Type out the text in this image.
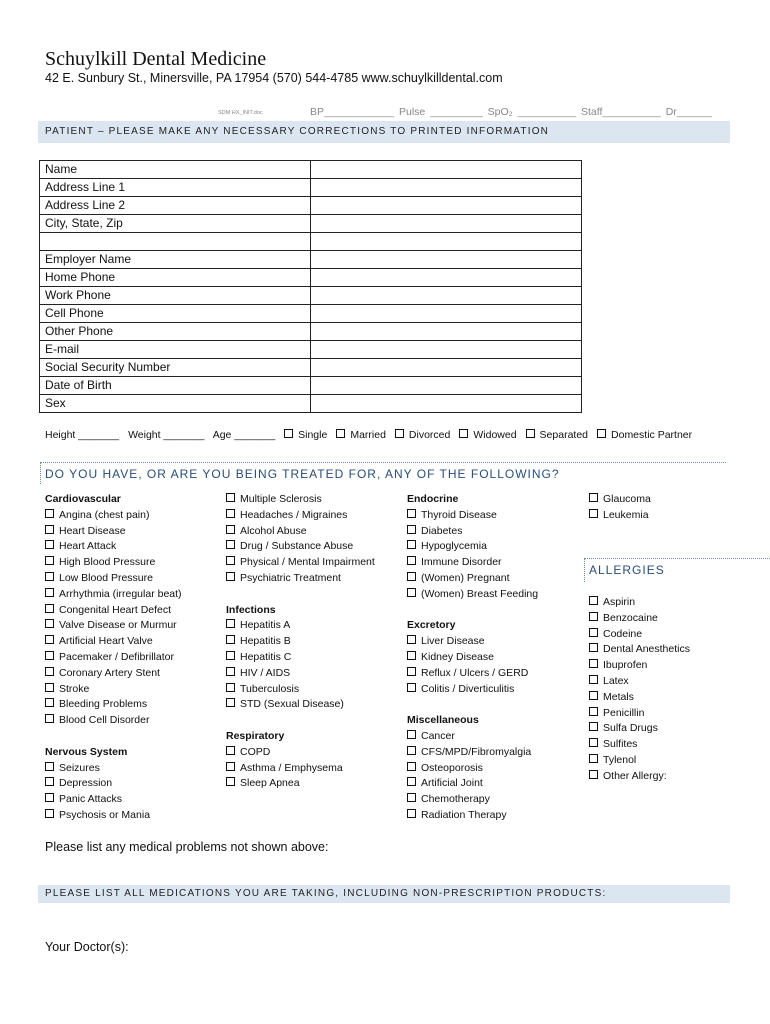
Schuylkill Dental Medicine
42 E. Sunbury St., Minersville, PA 17954 (570) 544-4785 www.schuylkilldental.com
SDM HX_INIT.doc	BP____________ Pulse _________ SpO₂ __________ Staff__________ Dr______
PATIENT – PLEASE MAKE ANY NECESSARY CORRECTIONS TO PRINTED INFORMATION
Name	
Address Line 1	
Address Line 2	
City, State, Zip	

Employer Name	
Home Phone	
Work Phone	
Cell Phone	
Other Phone	
E-mail	
Social Security Number	
Date of Birth	
Sex	
Height _______ Weight _______ Age _______ Single Married Divorced Widowed Separated Domestic Partner
DO YOU HAVE, OR ARE YOU BEING TREATED FOR, ANY OF THE FOLLOWING?
Cardiovascular
Angina (chest pain)
Heart Disease
Heart Attack
High Blood Pressure
Low Blood Pressure
Arrhythmia (irregular beat)
Congenital Heart Defect
Valve Disease or Murmur
Artificial Heart Valve
Pacemaker / Defibrillator
Coronary Artery Stent
Stroke
Bleeding Problems
Blood Cell Disorder
Nervous System
Seizures
Depression
Panic Attacks
Psychosis or Mania
Multiple Sclerosis
Headaches / Migraines
Alcohol Abuse
Drug / Substance Abuse
Physical / Mental Impairment
Psychiatric Treatment
Infections
Hepatitis A
Hepatitis B
Hepatitis C
HIV / AIDS
Tuberculosis
STD (Sexual Disease)
Respiratory
COPD
Asthma / Emphysema
Sleep Apnea
Endocrine
Thyroid Disease
Diabetes
Hypoglycemia
Immune Disorder
(Women) Pregnant
(Women) Breast Feeding
Excretory
Liver Disease
Kidney Disease
Reflux / Ulcers / GERD
Colitis / Diverticulitis
Miscellaneous
Cancer
CFS/MPD/Fibromyalgia
Osteoporosis
Artificial Joint
Chemotherapy
Radiation Therapy
Glaucoma
Leukemia
ALLERGIES
Aspirin
Benzocaine
Codeine
Dental Anesthetics
Ibuprofen
Latex
Metals
Penicillin
Sulfa Drugs
Sulfites
Tylenol
Other Allergy:
Please list any medical problems not shown above:
PLEASE LIST ALL MEDICATIONS YOU ARE TAKING, INCLUDING NON-PRESCRIPTION PRODUCTS:
Your Doctor(s):
